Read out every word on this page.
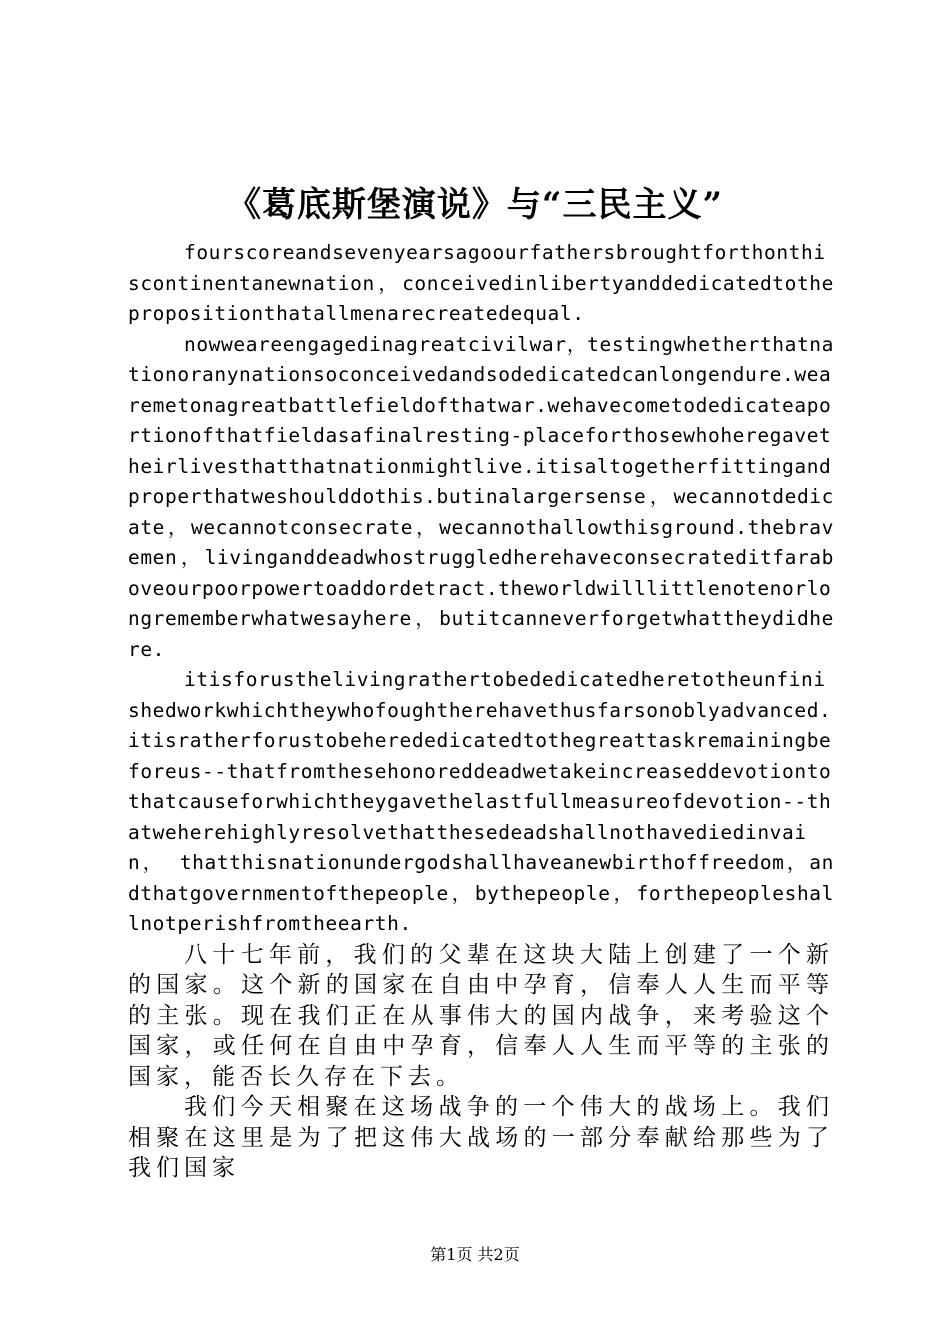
《葛底斯堡演说》与“三民主义”

fourscoreandsevenyearsagoourfathersbroughtforthonthiscontinentanewnation，conceivedinlibertyanddedicatedtothepropositionthatallmenarecreatedequal.

nowweareengagedinagreatcivilwar，testingwhetherthatnationoranynationsoconceivedandsodedicatedcanlongendure.wearemetonagreatbattlefieldofthatwar.wehavecometodedicateaportionofthatfieldasafinalresting-placeforthosewhoheregavetheirlivesthatthatnationmightlive.itisaltogetherfittingandproperthatweshoulddothis.butinalargersense，wecannotdedicate，wecannotconsecrate，wecannothallowthisground.thebravemen，livinganddeadwhostruggledherehaveconsecrateditfaraboveourpoorpowertoaddordetract.theworldwilllittlenotenorlongrememberwhatwesayhere，butitcanneverforgetwhattheydidhere.

itisforusthelivingrathertobededicatedheretotheunfinishedworkwhichtheywhofoughtherehavethusfarsonoblyadvanced.itisratherforustobeherededicatedtothegreattaskremainingbeforeus--thatfromthesehonoreddeadwetakeincreaseddevotiontothatcauseforwhichtheygavethelastfullmeasureofdevotion--thatweherehighlyresolvethatthesedeadshallnothavediedinvain， thatthisnationundergodshallhaveanewbirthoffreedom，andthatgovernmentofthepeople，bythepeople，forthepeopleshallnotperishfromtheearth.

八十七年前，我们的父辈在这块大陆上创建了一个新的国家。这个新的国家在自由中孕育，信奉人人生而平等的主张。现在我们正在从事伟大的国内战争，来考验这个国家，或任何在自由中孕育，信奉人人生而平等的主张的国家，能否长久存在下去。

我们今天相聚在这场战争的一个伟大的战场上。我们相聚在这里是为了把这伟大战场的一部分奉献给那些为了我们国家

第1页 共2页
